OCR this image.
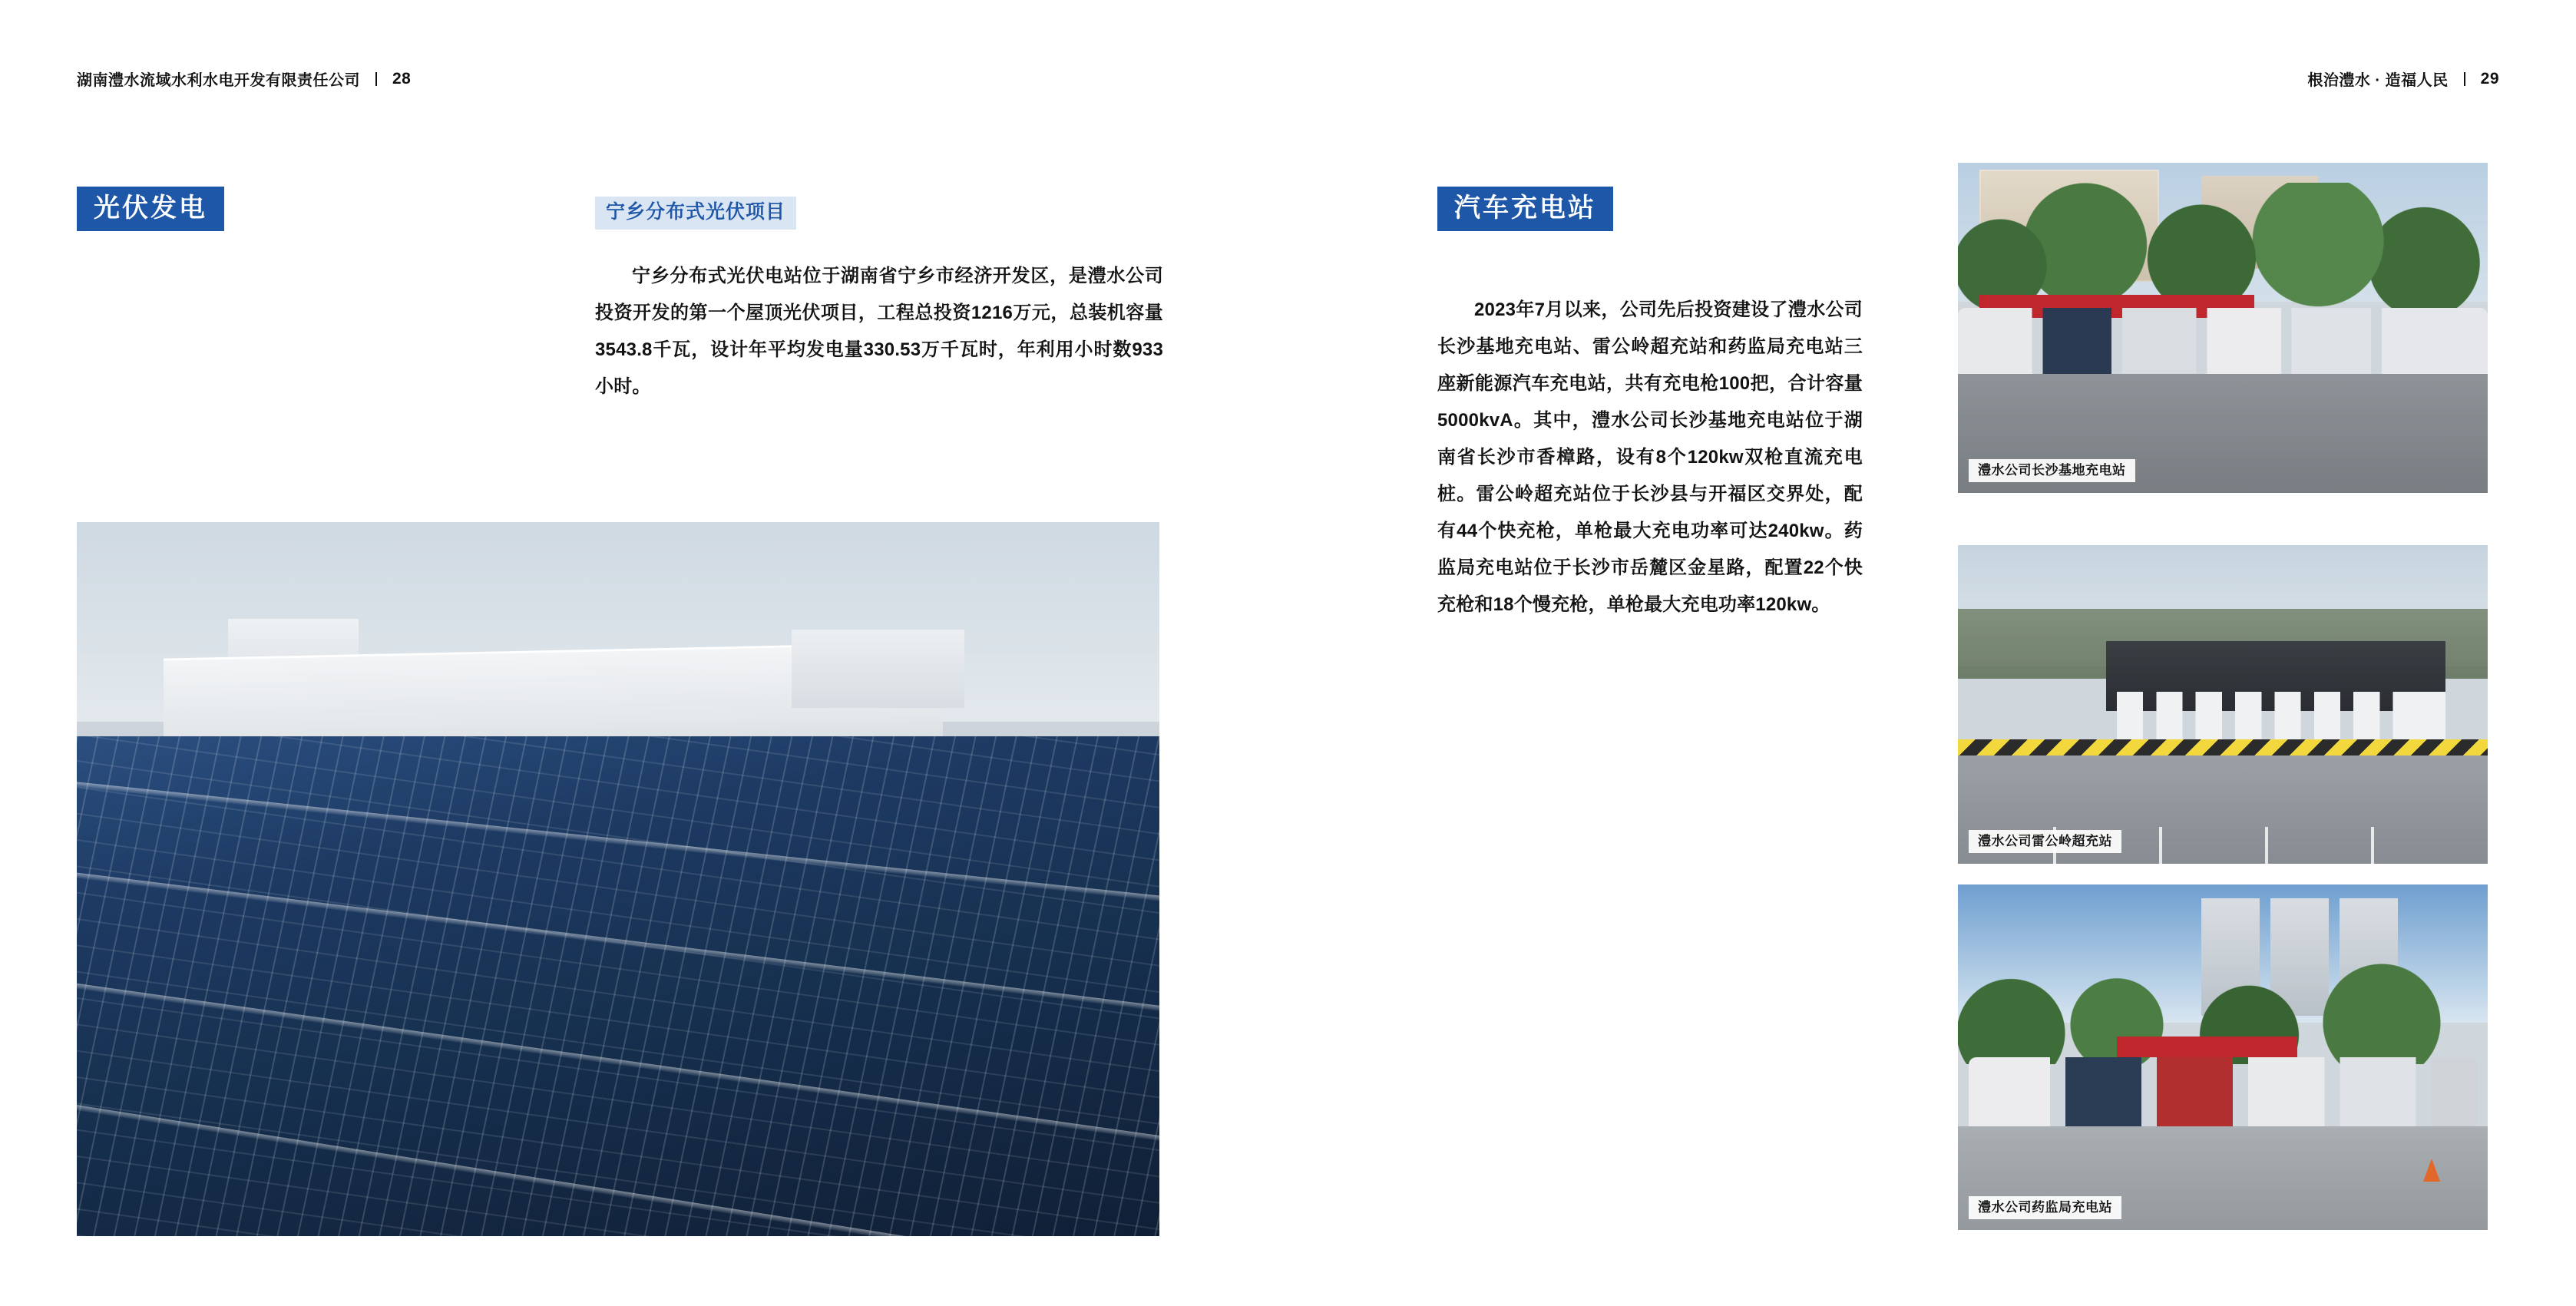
湖南澧水流域水利水电开发有限责任公司 28
光伏发电	宁乡分布式光伏项目

宁乡分布式光伏电站位于湖南省宁乡市经济开发区，是澧水公司投资开发的第一个屋顶光伏项目，工程总投资1216万元，总装机容量3543.8千瓦，设计年平均发电量330.53万千瓦时，年利用小时数933小时。

根治澧水 · 造福人民 29
汽车充电站

2023年7月以来，公司先后投资建设了澧水公司长沙基地充电站、雷公岭超充站和药监局充电站三座新能源汽车充电站，共有充电枪100把，合计容量5000kvA。其中，澧水公司长沙基地充电站位于湖南省长沙市香樟路，设有8个120kw双枪直流充电桩。雷公岭超充站位于长沙县与开福区交界处，配有44个快充枪，单枪最大充电功率可达240kw。药监局充电站位于长沙市岳麓区金星路，配置22个快充枪和18个慢充枪，单枪最大充电功率120kw。

澧水公司长沙基地充电站
澧水公司雷公岭超充站
澧水公司药监局充电站
